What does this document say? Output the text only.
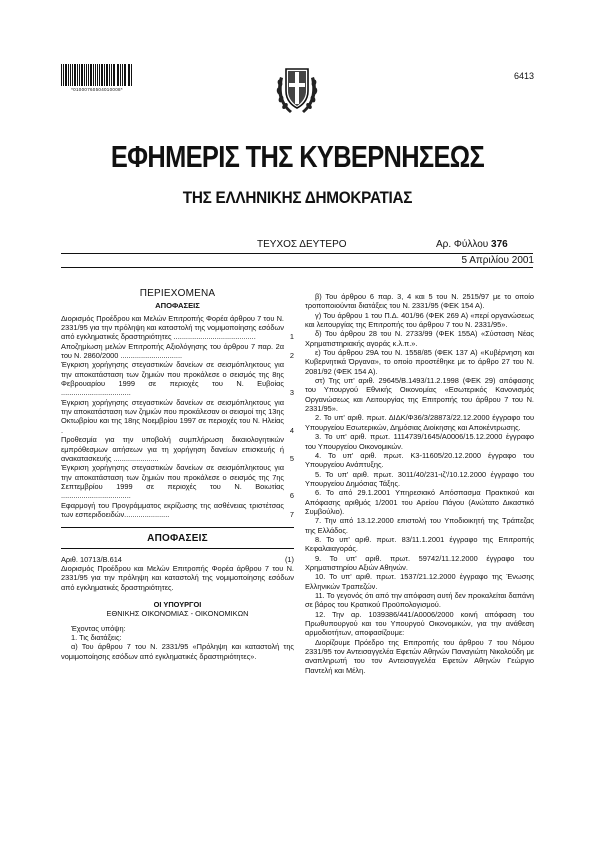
*01000760504010008*
6413
ΕΦΗΜΕΡΙΣ ΤΗΣ ΚΥΒΕΡΝΗΣΕΩΣ
ΤΗΣ ΕΛΛΗΝΙΚΗΣ ΔΗΜΟΚΡΑΤΙΑΣ
ΤΕΥΧΟΣ ΔΕΥΤΕΡΟ	Αρ. Φύλλου 376
5 Απριλίου 2001
ΠΕΡΙΕΧΟΜΕΝΑ
ΑΠΟΦΑΣΕΙΣ

Διορισμός Προέδρου και Μελών Επιτροπής Φορέα άρθρου 7 του Ν. 2331/95 για την πρόληψη και καταστολή της νομιμοποίησης εσόδων από εγκληματικές δραστηριότητες ........................................	1

Αποζημίωση μελών Επιτροπής Αξιολόγησης του άρθρου 7 παρ. 2α του Ν. 2860/2000 ..............................	2

Έγκριση χορήγησης στεγαστικών δανείων σε σεισμόπληκτους για την αποκατάσταση των ζημιών που προκάλεσε ο σεισμός της 8ης Φεβρουαρίου 1999 σε περιοχές του Ν. Ευβοίας ..................................	3

Έγκριση χορήγησης στεγαστικών δανείων σε σεισμόπληκτους για την αποκατάσταση των ζημιών που προκάλεσαν οι σεισμοί της 13ης Οκτωβρίου και της 18ης Νοεμβρίου 1997 σε περιοχές του Ν. Ηλείας .	4

Προθεσμία για την υποβολή συμπλήρωση δικαιολογητικών εμπρόθεσμων αιτήσεων για τη χορήγηση δανείων επισκευής ή ανακατασκευής ......................	5

Έγκριση χορήγησης στεγαστικών δανείων σε σεισμόπληκτους για την αποκατάσταση των ζημιών που προκάλεσε ο σεισμός της 7ης Σεπτεμβρίου 1999 σε περιοχές του Ν. Βοιωτίας ..................................	6

Εφαρμογή του Προγράμματος εκρίζωσης της ασθένειας τριστέτσας των εσπεριδοειδών......................	7

ΑΠΟΦΑΣΕΙΣ

Αριθ. 10713/Β.614	(1)

Διορισμός Προέδρου και Μελών Επιτροπής Φορέα άρθρου 7 του Ν. 2331/95 για την πρόληψη και καταστολή της νομιμοποίησης εσόδων από εγκληματικές δραστηριότητες.

ΟΙ ΥΠΟΥΡΓΟΙ

ΕΘΝΙΚΗΣ ΟΙΚΟΝΟΜΙΑΣ - ΟΙΚΟΝΟΜΙΚΩΝ

Έχοντας υπόψη:

1. Τις διατάξεις:

α) Του άρθρου 7 του Ν. 2331/95 «Πρόληψη και καταστολή της νομιμοποίησης εσόδων από εγκληματικές δραστηριότητες».

β) Του άρθρου 6 παρ. 3, 4 και 5 του Ν. 2515/97 με το οποίο τροποποιούνται διατάξεις του Ν. 2331/95 (ΦΕΚ 154 Α).

γ) Του άρθρου 1 του Π.Δ. 401/96 (ΦΕΚ 269 Α) «περί οργανώσεως και λειτουργίας της Επιτροπής του άρθρου 7 του Ν. 2331/95».

δ) Του άρθρου 28 του Ν. 2733/99 (ΦΕΚ 155Α) «Σύσταση Νέας Χρηματιστηριακής αγοράς κ.λ.π.».

ε) Του άρθρου 29Α του Ν. 1558/85 (ΦΕΚ 137 Α) «Κυβέρνηση και Κυβερνητικά Όργανα», το οποίο προστέθηκε με το άρθρο 27 του Ν. 2081/92 (ΦΕΚ 154 Α).

στ) Της υπ' αριθ. 29645/Β.1493/11.2.1998 (ΦΕΚ 29) απόφασης του Υπουργού Εθνικής Οικονομίας «Εσωτερικός Κανονισμός Οργανώσεως και Λειτουργίας της Επιτροπής του άρθρου 7 του Ν. 2331/95».

2. Το υπ' αριθ. πρωτ. ΔΙΔΚ/Φ36/3/28873/22.12.2000 έγγραφο του Υπουργείου Εσωτερικών, Δημόσιας Διοίκησης και Αποκέντρωσης.

3. Το υπ' αριθ. πρωτ. 1114739/1645/Α0006/15.12.2000 έγγραφο του Υπουργείου Οικονομικών.

4. Το υπ' αριθ. πρωτ. Κ3-11605/20.12.2000 έγγραφο του Υπουργείου Ανάπτυξης.

5. Το υπ' αριθ. πρωτ. 3011/40/231-ιζ'/10.12.2000 έγγραφο του Υπουργείου Δημόσιας Τάξης.

6. Το από 29.1.2001 Υπηρεσιακό Απόσπασμα Πρακτικού και Απόφασης αριθμός 1/2001 του Αρείου Πάγου (Ανώτατο Δικαστικό Συμβούλιο).

7. Την από 13.12.2000 επιστολή του Υποδιοικητή της Τράπεζας της Ελλάδος.

8. Το υπ' αριθ. πρωτ. 83/11.1.2001 έγγραφο της Επιτροπής Κεφαλαιαγοράς.

9. Το υπ' αριθ. πρωτ. 59742/11.12.2000 έγγραφο του Χρηματιστηρίου Αξιών Αθηνών.

10. Το υπ' αριθ. πρωτ. 1537/21.12.2000 έγγραφο της Ένωσης Ελληνικών Τραπεζών.

11. Το γεγονός ότι από την απόφαση αυτή δεν προκαλείται δαπάνη σε βάρος του Κρατικού Προϋπολογισμού.

12. Την αρ. 1039386/441/Α0006/2000 κοινή απόφαση του Πρωθυπουργού και του Υπουργού Οικονομικών, για την ανάθεση αρμοδιοτήτων, αποφασίζουμε:

Διορίζουμε Πρόεδρο της Επιτροπής του άρθρου 7 του Νόμου 2331/95 τον Αντεισαγγελέα Εφετών Αθηνών Παναγιώτη Νικολούδη με αναπληρωτή του τον Αντεισαγγελέα Εφετών Αθηνών Γεώργιο Παντελή και Μέλη.
